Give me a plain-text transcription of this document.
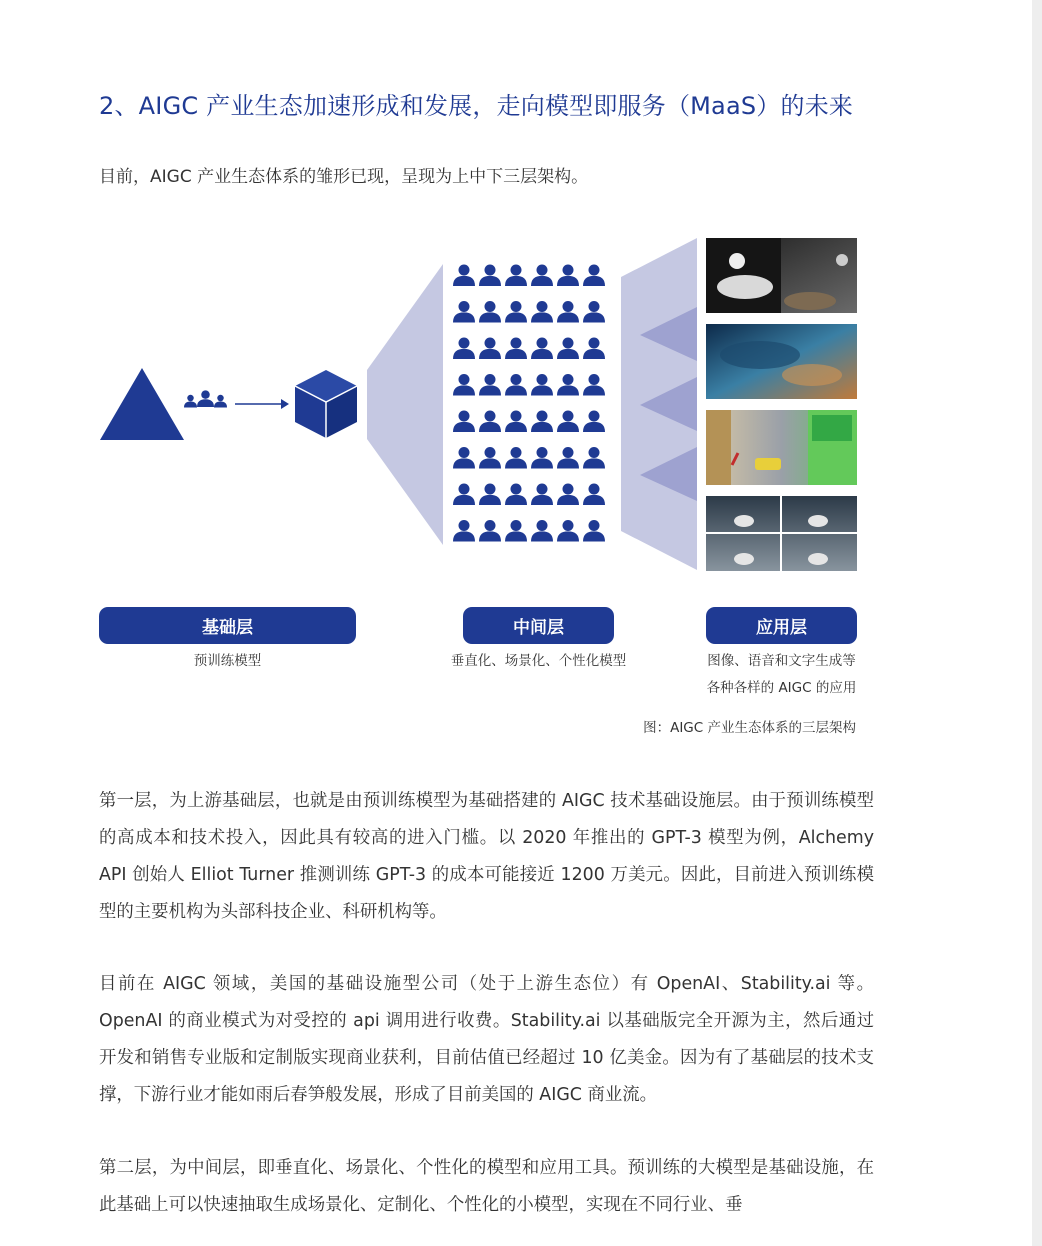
2、AIGC 产业生态加速形成和发展，走向模型即服务（MaaS）的未来

目前，AIGC 产业生态体系的雏形已现，呈现为上中下三层架构。

基础层	中间层	应用层
预训练模型	垂直化、场景化、个性化模型	图像、语音和文字生成等
各种各样的 AIGC 的应用
图：AIGC 产业生态体系的三层架构

第一层，为上游基础层，也就是由预训练模型为基础搭建的 AIGC 技术基础设施层。由于预训练模型的高成本和技术投入，因此具有较高的进入门槛。以 2020 年推出的 GPT-3 模型为例，Alchemy API 创始人 Elliot Turner 推测训练 GPT-3 的成本可能接近 1200 万美元。因此，目前进入预训练模型的主要机构为头部科技企业、科研机构等。

目前在 AIGC 领域，美国的基础设施型公司（处于上游生态位）有 OpenAI、Stability.ai 等。OpenAI 的商业模式为对受控的 api 调用进行收费。Stability.ai 以基础版完全开源为主，然后通过开发和销售专业版和定制版实现商业获利，目前估值已经超过 10 亿美金。因为有了基础层的技术支撑，下游行业才能如雨后春笋般发展，形成了目前美国的 AIGC 商业流。

第二层，为中间层，即垂直化、场景化、个性化的模型和应用工具。预训练的大模型是基础设施，在此基础上可以快速抽取生成场景化、定制化、个性化的小模型，实现在不同行业、垂
